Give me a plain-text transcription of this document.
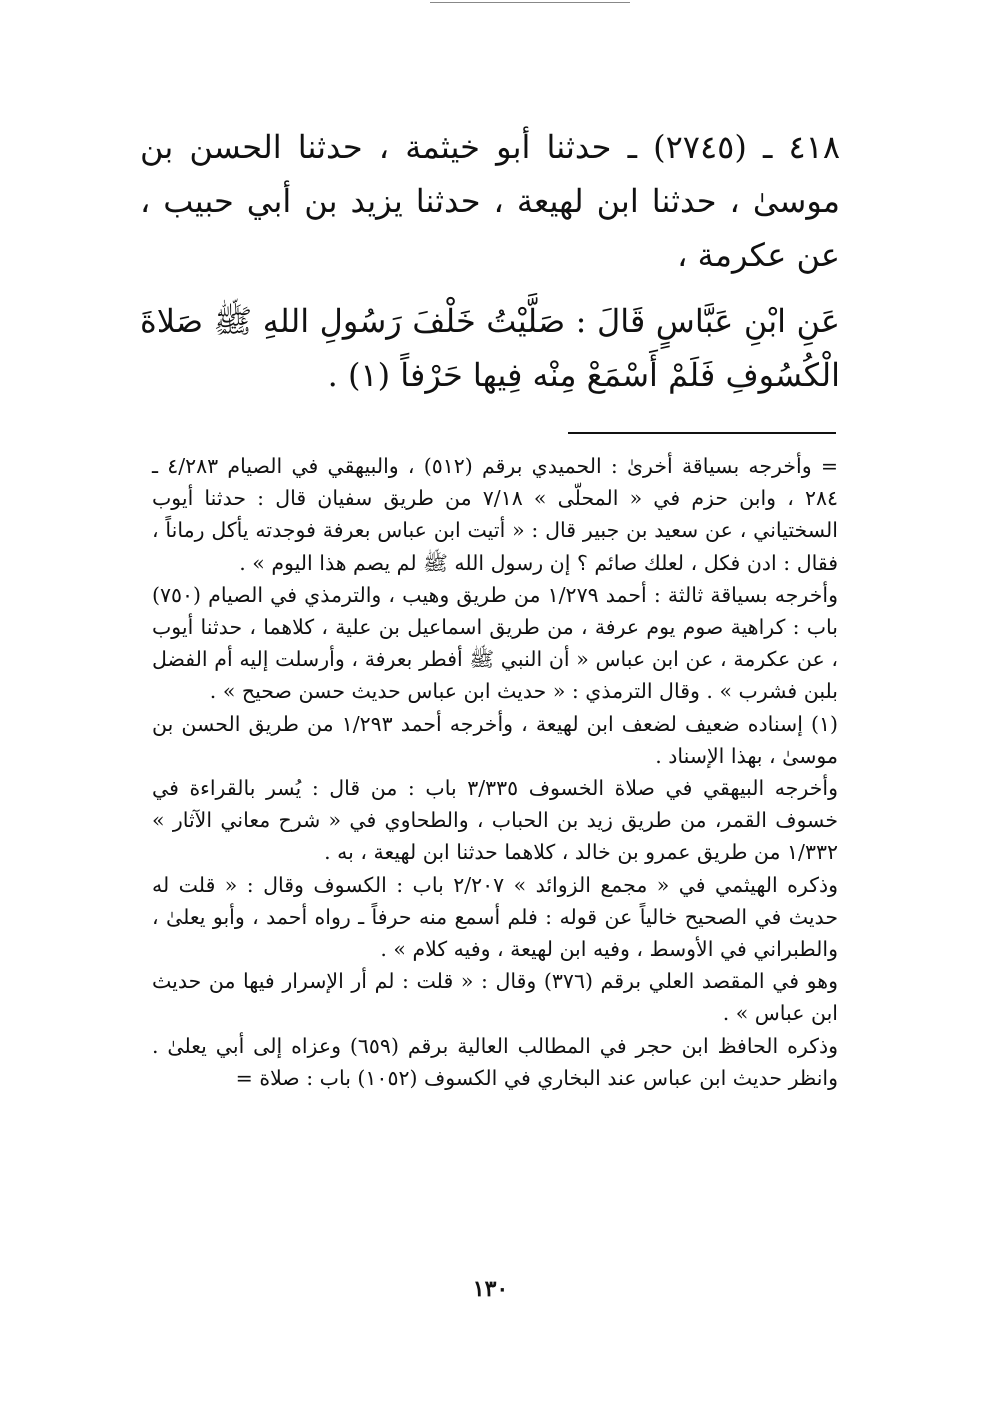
٤١٨ ـ (٢٧٤٥) ـ حدثنا أبو خيثمة ، حدثنا الحسن بن موسىٰ ، حدثنا ابن لهيعة ، حدثنا يزيد بن أبي حبيب ، عن عكرمة ،

عَنِ ابْنِ عَبَّاسٍ قَالَ : صَلَّيْتُ خَلْفَ رَسُولِ اللهِ ﷺ صَلاةَ الْكُسُوفِ فَلَمْ أَسْمَعْ مِنْه فِيها حَرْفاً (١) .

= وأخرجه بسياقة أخرىٰ : الحميدي برقم (٥١٢) ، والبيهقي في الصيام ٤/٢٨٣ ـ ٢٨٤ ، وابن حزم في « المحلّى » ٧/١٨ من طريق سفيان قال : حدثنا أيوب السختياني ، عن سعيد بن جبير قال : « أتيت ابن عباس بعرفة فوجدته يأكل رماناً ، فقال : ادن فكل ، لعلك صائم ؟ إن رسول الله ﷺ لم يصم هذا اليوم » .

وأخرجه بسياقة ثالثة : أحمد ١/٢٧٩ من طريق وهيب ، والترمذي في الصيام (٧٥٠) باب : كراهية صوم يوم عرفة ، من طريق اسماعيل بن علية ، كلاهما ، حدثنا أيوب ، عن عكرمة ، عن ابن عباس « أن النبي ﷺ أفطر بعرفة ، وأرسلت إليه أم الفضل بلبن فشرب » . وقال الترمذي : « حديث ابن عباس حديث حسن صحيح » .

(١) إسناده ضعيف لضعف ابن لهيعة ، وأخرجه أحمد ١/٢٩٣ من طريق الحسن بن موسىٰ ، بهذا الإسناد .

وأخرجه البيهقي في صلاة الخسوف ٣/٣٣٥ باب : من قال : يُسر بالقراءة في خسوف القمر، من طريق زيد بن الحباب ، والطحاوي في « شرح معاني الآثار » ١/٣٣٢ من طريق عمرو بن خالد ، كلاهما حدثنا ابن لهيعة ، به .

وذكره الهيثمي في « مجمع الزوائد » ٢/٢٠٧ باب : الكسوف وقال : « قلت له حديث في الصحيح خالياً عن قوله : فلم أسمع منه حرفاً ـ رواه أحمد ، وأبو يعلىٰ ، والطبراني في الأوسط ، وفيه ابن لهيعة ، وفيه كلام » .

وهو في المقصد العلي برقم (٣٧٦) وقال : « قلت : لم أر الإسرار فيها من حديث ابن عباس » .

وذكره الحافظ ابن حجر في المطالب العالية برقم (٦٥٩) وعزاه إلى أبي يعلىٰ . وانظر حديث ابن عباس عند البخاري في الكسوف (١٠٥٢) باب : صلاة =

١٣٠
